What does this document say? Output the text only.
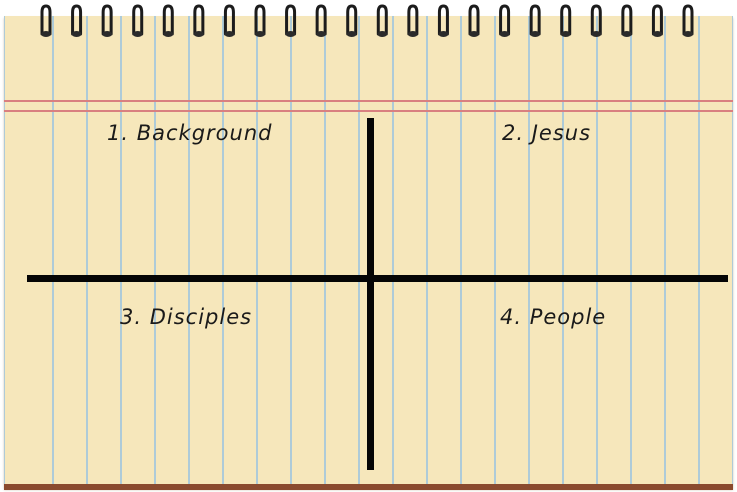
1. Background	2. Jesus
3. Disciples	4. People
